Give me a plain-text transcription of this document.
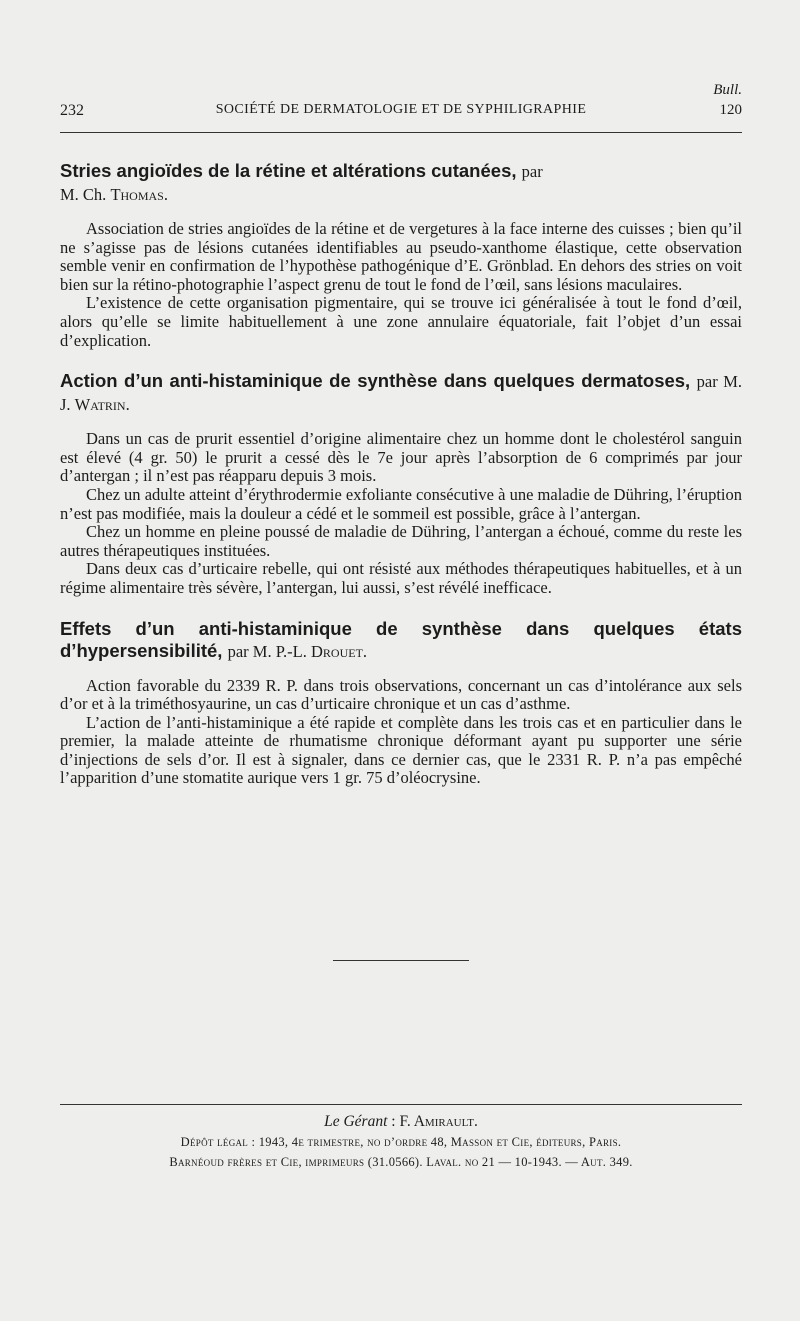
Bull.
232	SOCIÉTÉ DE DERMATOLOGIE ET DE SYPHILIGRAPHIE	120

Stries angioïdes de la rétine et altérations cutanées, par
M. Ch. Thomas.

Association de stries angioïdes de la rétine et de vergetures à la face interne des cuisses ; bien qu’il ne s’agisse pas de lésions cutanées identifiables au pseudo-xanthome élastique, cette observation semble venir en confirmation de l’hypothèse pathogénique d’E. Grönblad. En dehors des stries on voit bien sur la rétino-photographie l’aspect grenu de tout le fond de l’œil, sans lésions maculaires.

L’existence de cette organisation pigmentaire, qui se trouve ici généralisée à tout le fond d’œil, alors qu’elle se limite habituellement à une zone annulaire équatoriale, fait l’objet d’un essai d’explication.

Action d’un anti-histaminique de synthèse dans quelques dermatoses, par M. J. Watrin.

Dans un cas de prurit essentiel d’origine alimentaire chez un homme dont le cholestérol sanguin est élevé (4 gr. 50) le prurit a cessé dès le 7e jour après l’absorption de 6 comprimés par jour d’antergan ; il n’est pas réapparu depuis 3 mois.

Chez un adulte atteint d’érythrodermie exfoliante consécutive à une maladie de Dühring, l’éruption n’est pas modifiée, mais la douleur a cédé et le sommeil est possible, grâce à l’antergan.

Chez un homme en pleine poussé de maladie de Dühring, l’antergan a échoué, comme du reste les autres thérapeutiques instituées.

Dans deux cas d’urticaire rebelle, qui ont résisté aux méthodes thérapeutiques habituelles, et à un régime alimentaire très sévère, l’antergan, lui aussi, s’est révélé inefficace.

Effets d’un anti-histaminique de synthèse dans quelques états d’hypersensibilité, par M. P.-L. Drouet.

Action favorable du 2339 R. P. dans trois observations, concernant un cas d’intolérance aux sels d’or et à la triméthosyaurine, un cas d’urticaire chronique et un cas d’asthme.

L’action de l’anti-histaminique a été rapide et complète dans les trois cas et en particulier dans le premier, la malade atteinte de rhumatisme chronique déformant ayant pu supporter une série d’injections de sels d’or. Il est à signaler, dans ce dernier cas, que le 2331 R. P. n’a pas empêché l’apparition d’une stomatite aurique vers 1 gr. 75 d’oléocrysine.

Le Gérant : F. Amirault.
Dépôt légal : 1943, 4e trimestre, no d’ordre 48, Masson et Cie, éditeurs, Paris.
Barnéoud frères et Cie, imprimeurs (31.0566). Laval. no 21 — 10-1943. — Aut. 349.
